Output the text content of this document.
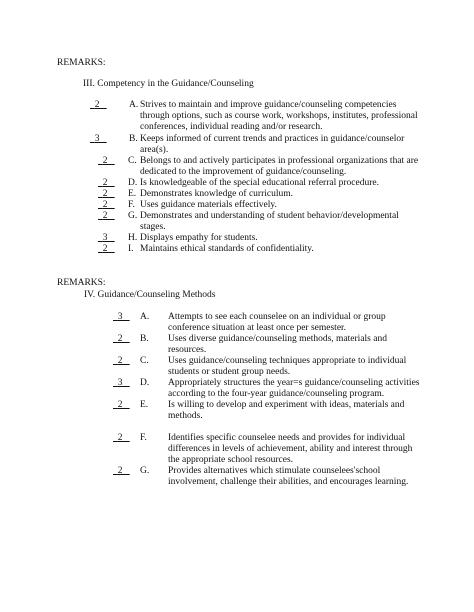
REMARKS:
III. Competency in the Guidance/Counseling
2	A. Strives to maintain and improve guidance/counseling competencies
through options, such as course work, workshops, institutes, professional
conferences, individual reading and/or research.
3	B. Keeps informed of current trends and practices in guidance/counselor
area(s).
2	C. Belongs to and actively participates in professional organizations that are
dedicated to the improvement of guidance/counseling.
2	D. Is knowledgeable of the special educational referral procedure.
2	E. Demonstrates knowledge of curriculum.
2	F. Uses guidance materials effectively.
2	G. Demonstrates and understanding of student behavior/developmental
stages.
3	H. Displays empathy for students.
2	I. Maintains ethical standards of confidentiality.
REMARKS:
IV. Guidance/Counseling Methods
3	A. Attempts to see each counselee on an individual or group
conference situation at least once per semester.
2	B. Uses diverse guidance/counseling methods, materials and
resources.
2	C. Uses guidance/counseling techniques appropriate to individual
students or student group needs.
3	D. Appropriately structures the year=s guidance/counseling activities
according to the four-year guidance/counseling program.
2	E. Is willing to develop and experiment with ideas, materials and
methods.
2	F. Identifies specific counselee needs and provides for individual
differences in levels of achievement, ability and interest through
the appropriate school resources.
2	G. Provides alternatives which stimulate counselees'school
involvement, challenge their abilities, and encourages learning.
